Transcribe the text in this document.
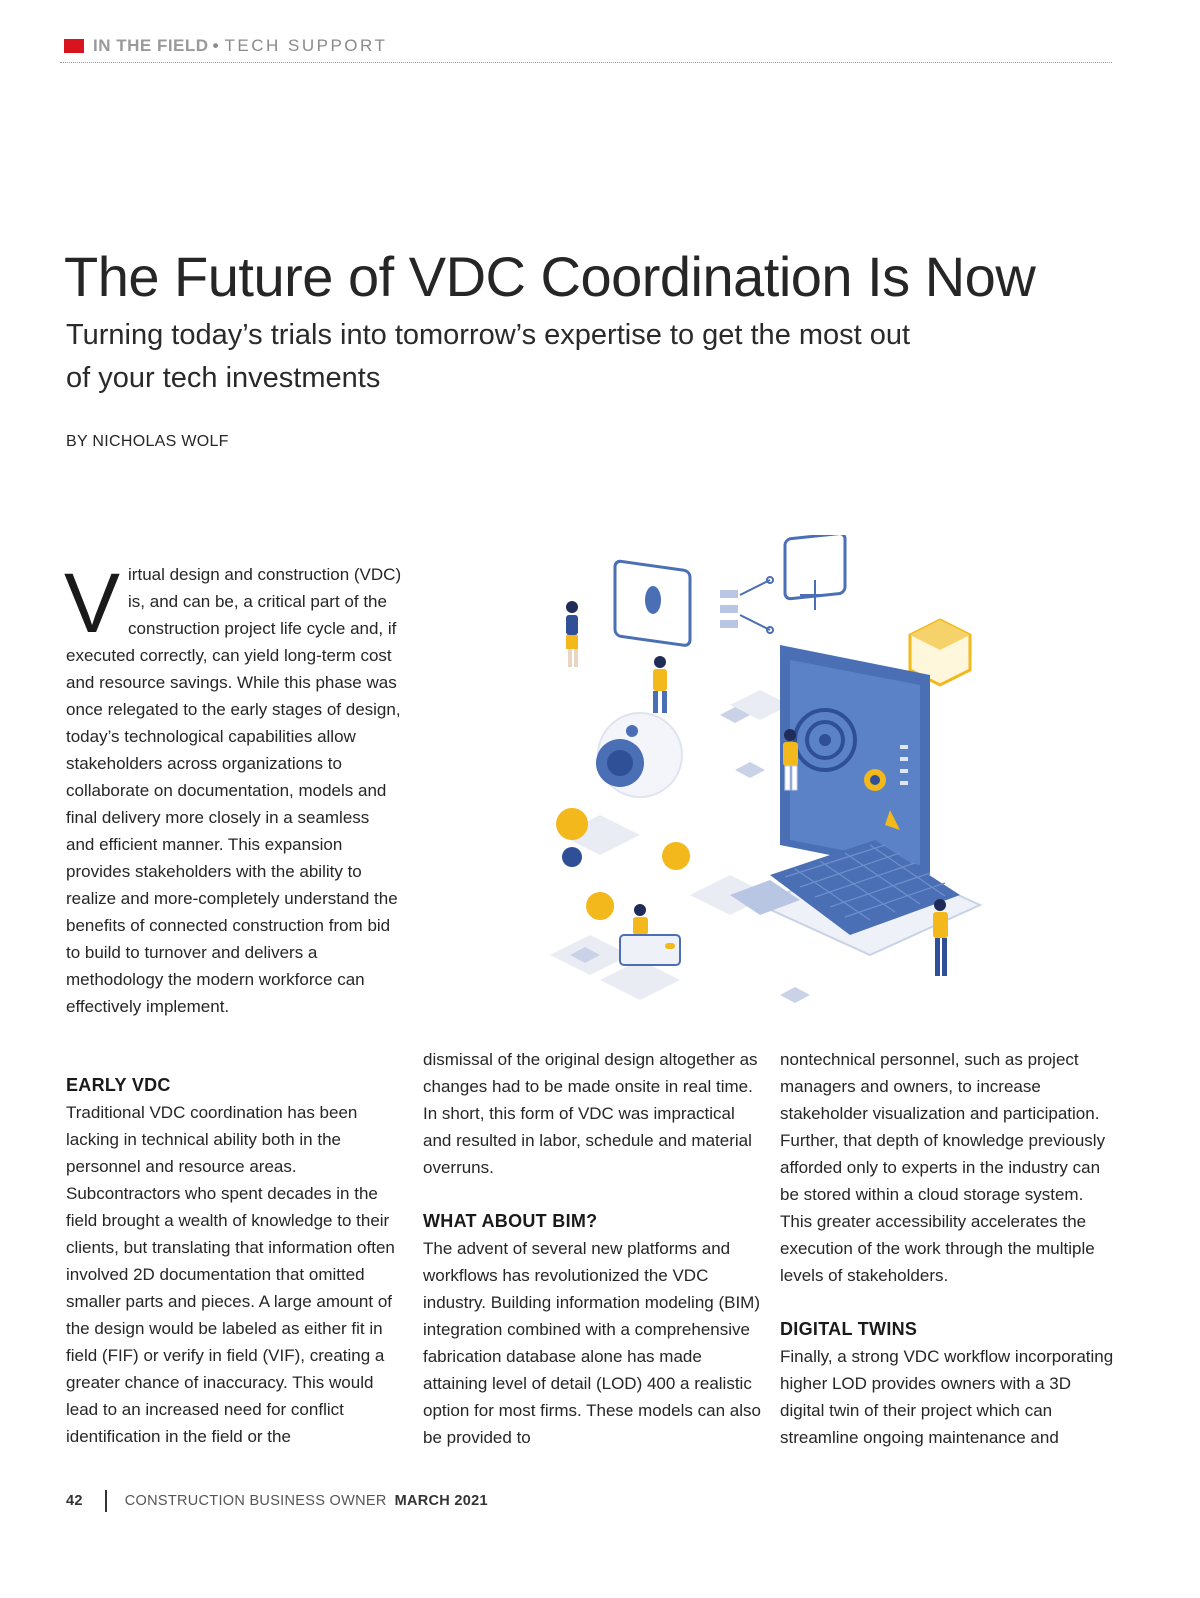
IN THE FIELD • TECH SUPPORT
The Future of VDC Coordination Is Now
Turning today’s trials into tomorrow’s expertise to get the most out of your tech investments
BY NICHOLAS WOLF
Virtual design and construction (VDC) is, and can be, a critical part of the construction project life cycle and, if executed correctly, can yield long-term cost and resource savings. While this phase was once relegated to the early stages of design, today’s technological capabilities allow stakeholders across organizations to collaborate on documentation, models and final delivery more closely in a seamless and efficient manner. This expansion provides stakeholders with the ability to realize and more-completely understand the benefits of connected construction from bid to build to turnover and delivers a methodology the modern workforce can effectively implement.

EARLY VDC

Traditional VDC coordination has been lacking in technical ability both in the personnel and resource areas. Subcontractors who spent decades in the field brought a wealth of knowledge to their clients, but translating that information often involved 2D documentation that omitted smaller parts and pieces. A large amount of the design would be labeled as either fit in field (FIF) or verify in field (VIF), creating a greater chance of inaccuracy. This would lead to an increased need for conflict identification in the field or the

dismissal of the original design altogether as changes had to be made onsite in real time. In short, this form of VDC was impractical and resulted in labor, schedule and material overruns.

WHAT ABOUT BIM?

The advent of several new platforms and workflows has revolutionized the VDC industry. Building information modeling (BIM) integration combined with a comprehensive fabrication database alone has made attaining level of detail (LOD) 400 a realistic option for most firms. These models can also be provided to

nontechnical personnel, such as project managers and owners, to increase stakeholder visualization and participation. Further, that depth of knowledge previously afforded only to experts in the industry can be stored within a cloud storage system. This greater accessibility accelerates the execution of the work through the multiple levels of stakeholders.

DIGITAL TWINS

Finally, a strong VDC workflow incorporating higher LOD provides owners with a 3D digital twin of their project which can streamline ongoing maintenance and

42	CONSTRUCTION BUSINESS OWNER MARCH 2021
